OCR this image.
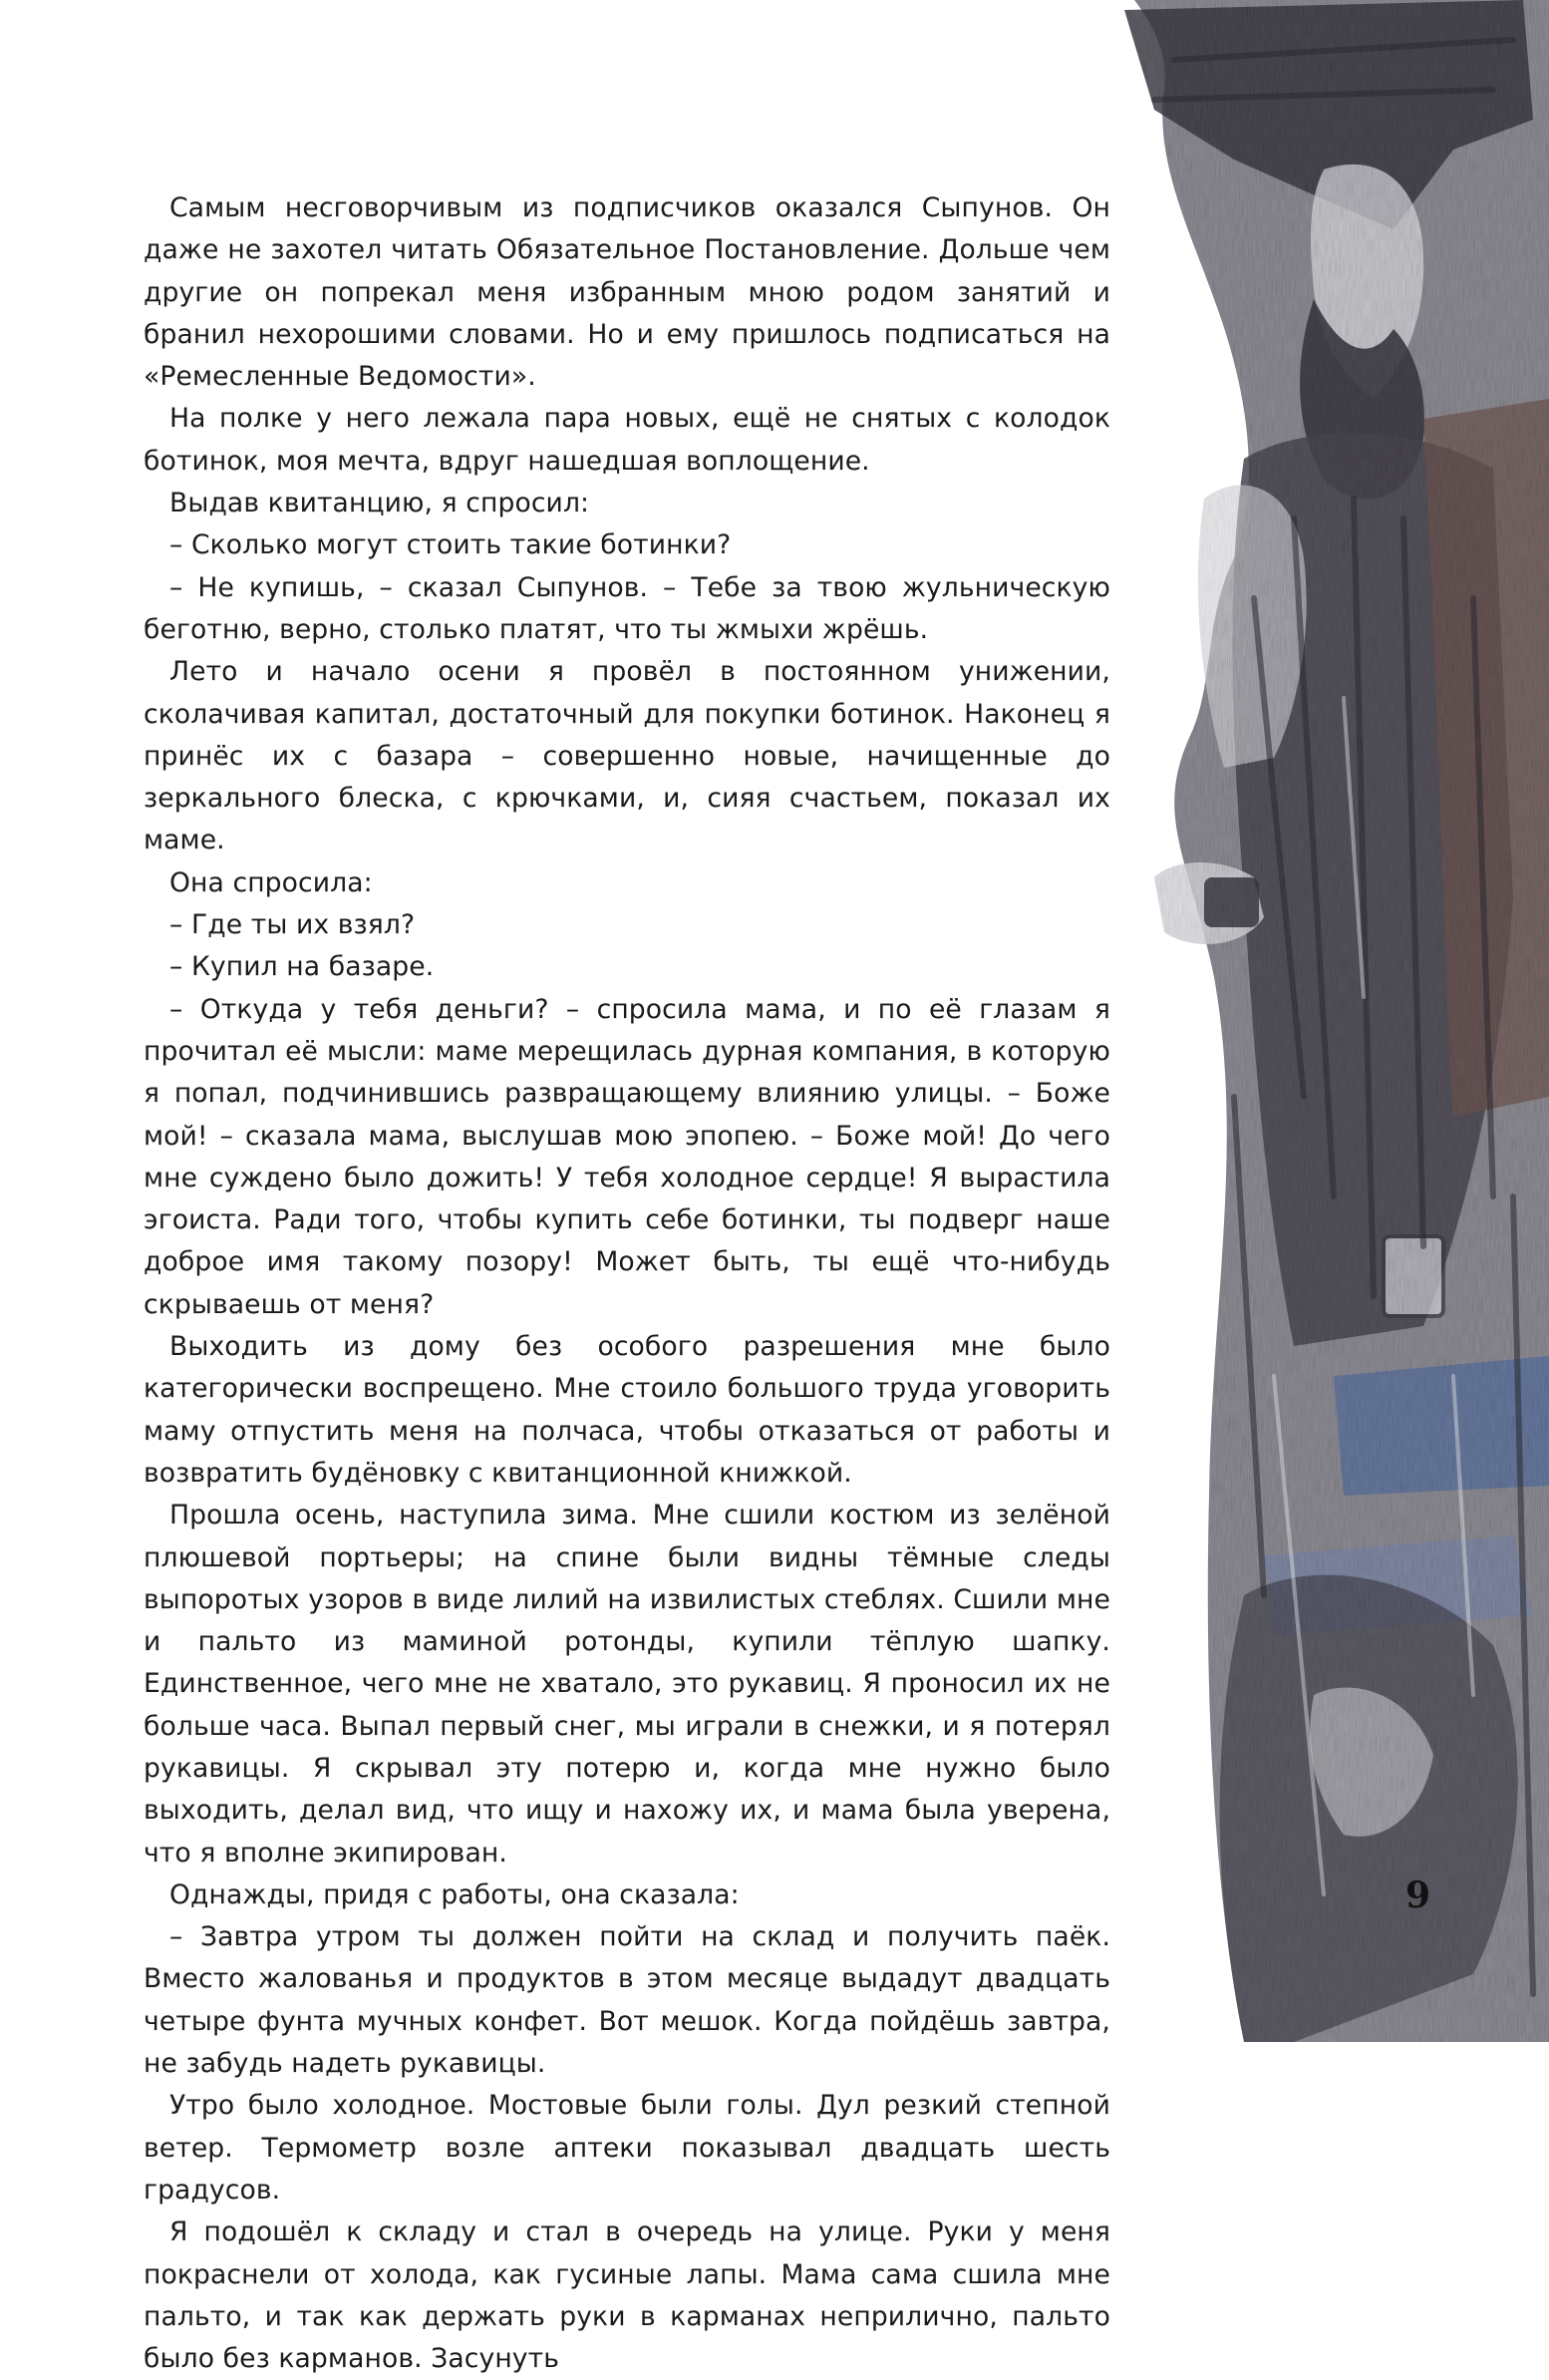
Самым несговорчивым из подписчиков оказался Сыпунов. Он даже не захотел читать Обязательное Постановление. Дольше чем другие он попрекал меня избранным мною родом занятий и бранил нехорошими словами. Но и ему пришлось подписаться на «Ремесленные Ведомости».

На полке у него лежала пара новых, ещё не снятых с колодок ботинок, моя мечта, вдруг нашедшая воплощение.

Выдав квитанцию, я спросил:

– Сколько могут стоить такие ботинки?

– Не купишь, – сказал Сыпунов. – Тебе за твою жульническую беготню, верно, столько платят, что ты жмыхи жрёшь.

Лето и начало осени я провёл в постоянном унижении, сколачивая капитал, достаточный для покупки ботинок. Наконец я принёс их с базара – совершенно новые, начищенные до зеркального блеска, с крючками, и, сияя счастьем, показал их маме.

Она спросила:

– Где ты их взял?

– Купил на базаре.

– Откуда у тебя деньги? – спросила мама, и по её глазам я прочитал её мысли: маме мерещилась дурная компания, в которую я попал, подчинившись развращающему влиянию улицы. – Боже мой! – сказала мама, выслушав мою эпопею. – Боже мой! До чего мне суждено было дожить! У тебя холодное сердце! Я вырастила эгоиста. Ради того, чтобы купить себе ботинки, ты подверг наше доброе имя такому позору! Может быть, ты ещё что-нибудь скрываешь от меня?

Выходить из дому без особого разрешения мне было категорически воспрещено. Мне стоило большого труда уговорить маму отпустить меня на полчаса, чтобы отказаться от работы и возвратить будёновку с квитанционной книжкой.

Прошла осень, наступила зима. Мне сшили костюм из зелёной плюшевой портьеры; на спине были видны тёмные следы выпоротых узоров в виде лилий на извилистых стеблях. Сшили мне и пальто из маминой ротонды, купили тёплую шапку. Единственное, чего мне не хватало, это рукавиц. Я проносил их не больше часа. Выпал первый снег, мы играли в снежки, и я потерял рукавицы. Я скрывал эту потерю и, когда мне нужно было выходить, делал вид, что ищу и нахожу их, и мама была уверена, что я вполне экипирован.

Однажды, придя с работы, она сказала:

– Завтра утром ты должен пойти на склад и получить паёк. Вместо жалованья и продуктов в этом месяце выдадут двадцать четыре фунта мучных конфет. Вот мешок. Когда пойдёшь завтра, не забудь надеть рукавицы.

Утро было холодное. Мостовые были голы. Дул резкий степной ветер. Термометр возле аптеки показывал двадцать шесть градусов.

Я подошёл к складу и стал в очередь на улице. Руки у меня покраснели от холода, как гусиные лапы. Мама сама сшила мне пальто, и так как держать руки в карманах неприлично, пальто было без карманов. Засунуть

9
